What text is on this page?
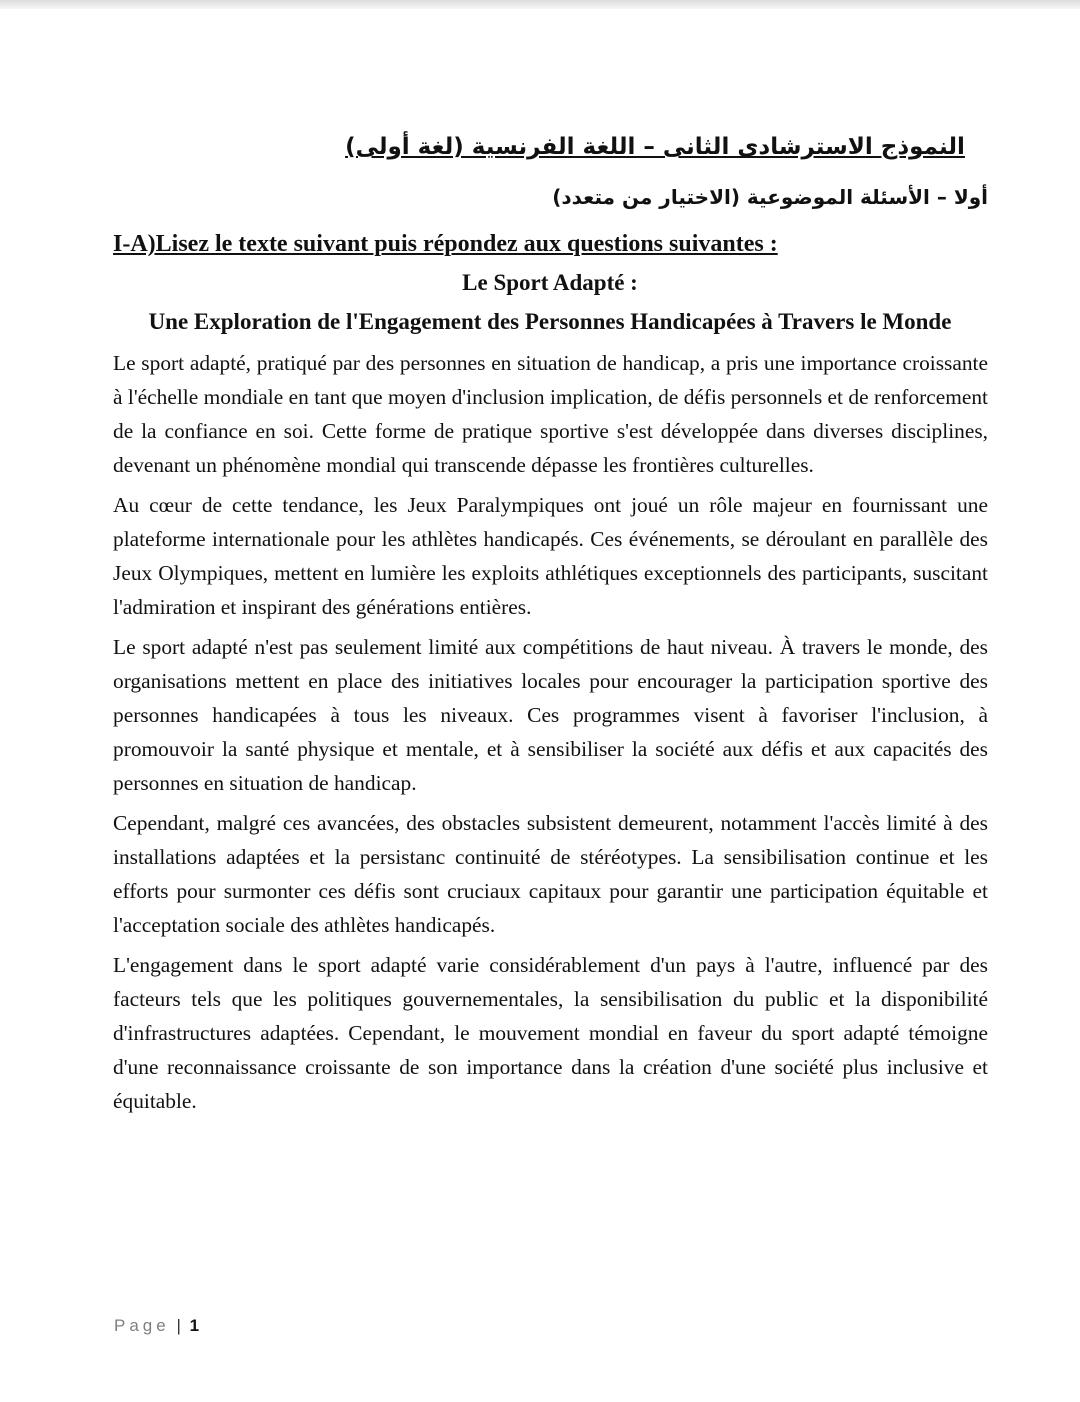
النموذج الاسترشادى الثانى – اللغة الفرنسية (لغة أولى)
أولا – الأسئلة الموضوعية (الاختيار من متعدد)
I-A)Lisez le texte suivant puis répondez aux questions suivantes :
Le Sport Adapté :
Une Exploration de l'Engagement des Personnes Handicapées à Travers le Monde

Le sport adapté, pratiqué par des personnes en situation de handicap, a pris une importance croissante à l'échelle mondiale en tant que moyen d'inclusion implication, de défis personnels et de renforcement de la confiance en soi. Cette forme de pratique sportive s'est développée dans diverses disciplines, devenant un phénomène mondial qui transcende dépasse les frontières culturelles.

Au cœur de cette tendance, les Jeux Paralympiques ont joué un rôle majeur en fournissant une plateforme internationale pour les athlètes handicapés. Ces événements, se déroulant en parallèle des Jeux Olympiques, mettent en lumière les exploits athlétiques exceptionnels des participants, suscitant l'admiration et inspirant des générations entières.

Le sport adapté n'est pas seulement limité aux compétitions de haut niveau. À travers le monde, des organisations mettent en place des initiatives locales pour encourager la participation sportive des personnes handicapées à tous les niveaux. Ces programmes visent à favoriser l'inclusion, à promouvoir la santé physique et mentale, et à sensibiliser la société aux défis et aux capacités des personnes en situation de handicap.

Cependant, malgré ces avancées, des obstacles subsistent demeurent, notamment l'accès limité à des installations adaptées et la persistanc continuité de stéréotypes. La sensibilisation continue et les efforts pour surmonter ces défis sont cruciaux capitaux pour garantir une participation équitable et l'acceptation sociale des athlètes handicapés.

L'engagement dans le sport adapté varie considérablement d'un pays à l'autre, influencé par des facteurs tels que les politiques gouvernementales, la sensibilisation du public et la disponibilité d'infrastructures adaptées. Cependant, le mouvement mondial en faveur du sport adapté témoigne d'une reconnaissance croissante de son importance dans la création d'une société plus inclusive et équitable.

Page | 1
